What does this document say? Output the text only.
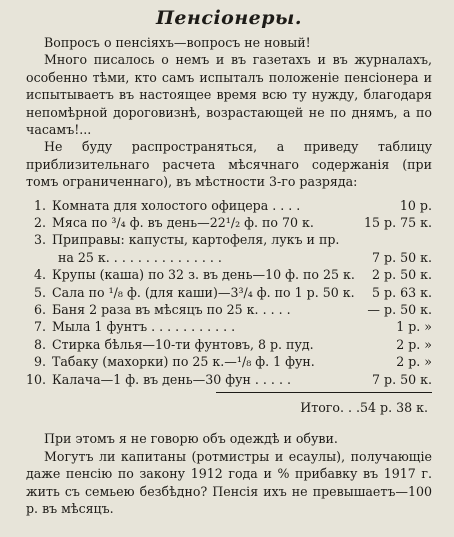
Пенсіонеры.

Вопросъ о пенсіяхъ—вопросъ не новый!

Много писалось о немъ и въ газетахъ и въ журналахъ, особенно тѣми, кто самъ испыталъ положеніе пенсіонера и испытываетъ въ настоящее время всю ту нужду, благодаря непомѣрной дороговизнѣ, возрастающей не по днямъ, а по часамъ!...

Не буду распространяться, а приведу таблицу приблизительнаго расчета мѣсячнаго содержанія (при томъ ограниченнаго), въ мѣстности 3-го разряда:

1. Комната для холостого офицера . . . .	10 р.
2. Мяса по ³/₄ ф. въ день—22¹/₂ ф. по 70 к.	15 р. 75 к.
3. Приправы: капусты, картофеля, лукъ и пр.
на 25 к. . . . . . . . . . . . . . .	7 р. 50 к.
4. Крупы (каша) по 32 з. въ день—10 ф. по 25 к.	2 р. 50 к.
5. Сала по ¹/₈ ф. (для каши)—3³/₄ ф. по 1 р. 50 к.	5 р. 63 к.
6. Баня 2 раза въ мѣсяцъ по 25 к. . . . .	— р. 50 к.
7. Мыла 1 фунтъ . . . . . . . . . . .	1 р. »
8. Стирка бѣлья—10-ти фунтовъ, 8 р. пуд.	2 р. »
9. Табаку (махорки) по 25 к.—¹/₈ ф. 1 фун.	2 р. »
10. Калача—1 ф. въ день—30 фун . . . . .	7 р. 50 к.
Итого. . .54 р. 38 к.

При этомъ я не говорю объ одеждѣ и обуви.

Могутъ ли капитаны (ротмистры и есаулы), получающіе даже пенсію по закону 1912 года и % прибавку въ 1917 г. жить съ семьею безбѣдно? Пенсія ихъ не превышаетъ—100 р. въ мѣсяцъ.
